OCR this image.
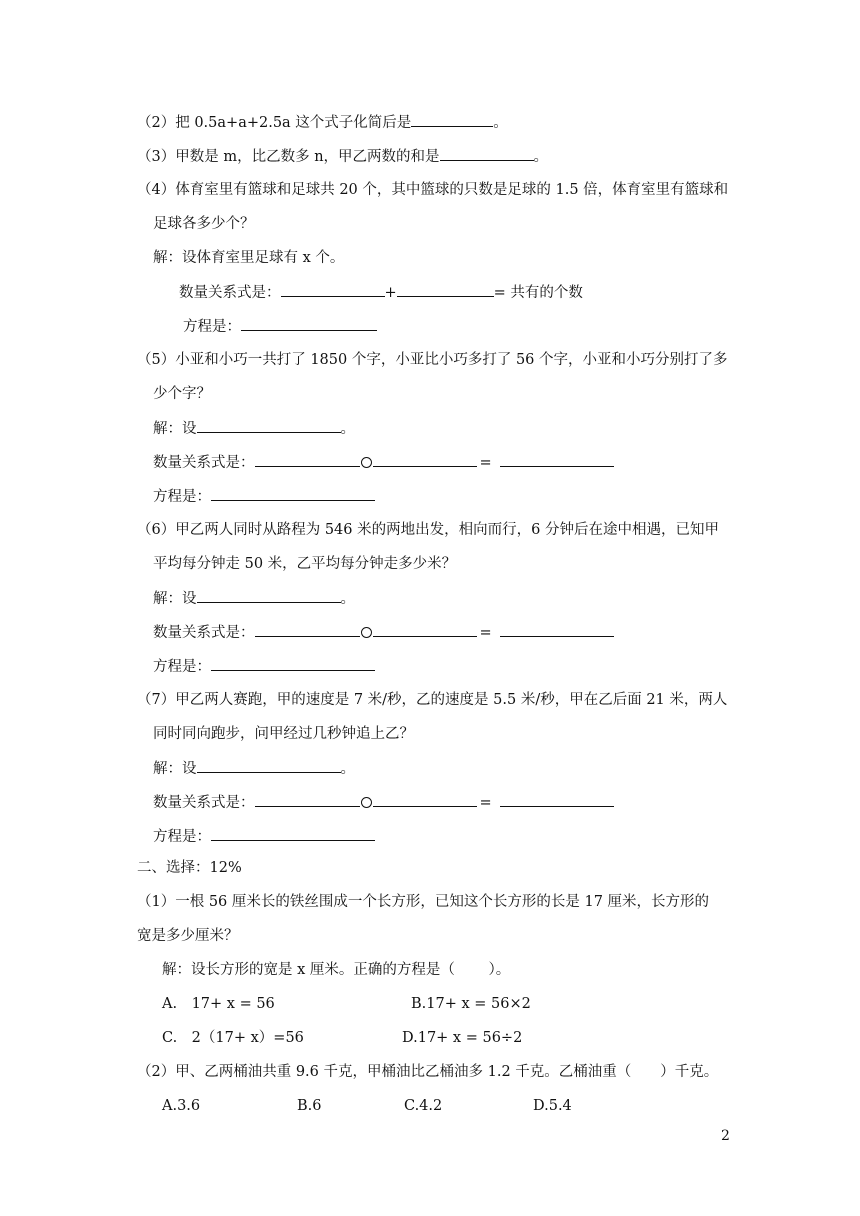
（2）把 0.5a+a+2.5a 这个式子化简后是	。
（3）甲数是 m，比乙数多 n，甲乙两数的和是	。
（4）体育室里有篮球和足球共 20 个，其中篮球的只数是足球的 1.5 倍，体育室里有篮球和
足球各多少个？
解：设体育室里足球有 x 个。
数量关系式是：	+	= 共有的个数
方程是：
（5）小亚和小巧一共打了 1850 个字，小亚比小巧多打了 56 个字，小亚和小巧分别打了多
少个字？
解：设	。
数量关系式是：	=
方程是：
（6）甲乙两人同时从路程为 546 米的两地出发，相向而行，6 分钟后在途中相遇，已知甲
平均每分钟走 50 米，乙平均每分钟走多少米？
解：设	。
数量关系式是：	=
方程是：
（7）甲乙两人赛跑，甲的速度是 7 米/秒，乙的速度是 5.5 米/秒，甲在乙后面 21 米，两人
同时同向跑步，问甲经过几秒钟追上乙？
解：设	。
数量关系式是：	=
方程是：
二、选择：12%
（1）一根 56 厘米长的铁丝围成一个长方形，已知这个长方形的长是 17 厘米，长方形的
宽是多少厘米？
解：设长方形的宽是 x 厘米。正确的方程是（　　 ）。
A.　17+ x = 56	B.17+ x = 56×2
C.　2（17+ x）=56	D.17+ x = 56÷2
（2）甲、乙两桶油共重 9.6 千克，甲桶油比乙桶油多 1.2 千克。乙桶油重（　　）千克。
A.3.6	B.6	C.4.2	D.5.4
2
